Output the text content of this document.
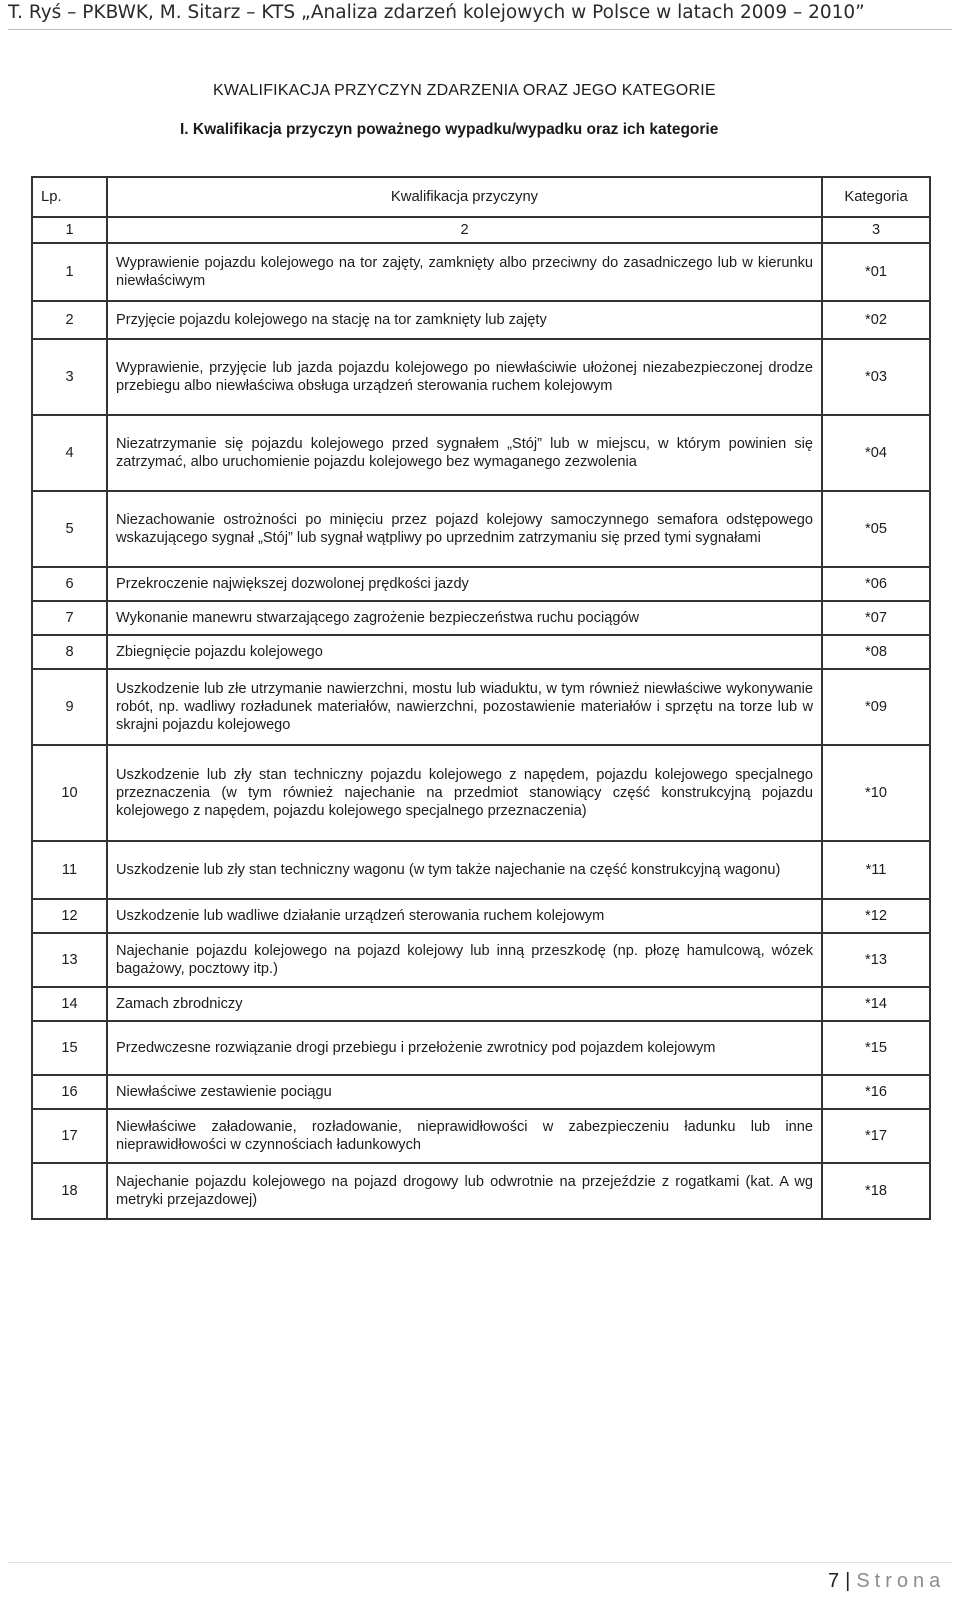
T. Ryś – PKBWK, M. Sitarz – KTS „Analiza zdarzeń kolejowych w Polsce w latach 2009 – 2010”
KWALIFIKACJA PRZYCZYN ZDARZENIA ORAZ JEGO KATEGORIE
I. Kwalifikacja przyczyn poważnego wypadku/wypadku oraz ich kategorie
Lp.	Kwalifikacja przyczyny	Kategoria
1	2	3
1	Wyprawienie pojazdu kolejowego na tor zajęty, zamknięty albo przeciwny do zasadniczego lub w kierunku niewłaściwym	*01
2	Przyjęcie pojazdu kolejowego na stację na tor zamknięty lub zajęty	*02
3	Wyprawienie, przyjęcie lub jazda pojazdu kolejowego po niewłaściwie ułożonej niezabezpieczonej drodze przebiegu albo niewłaściwa obsługa urządzeń sterowania ruchem kolejowym	*03
4	Niezatrzymanie się pojazdu kolejowego przed sygnałem „Stój” lub w miejscu, w którym powinien się zatrzymać, albo uruchomienie pojazdu kolejowego bez wymaganego zezwolenia	*04
5	Niezachowanie ostrożności po minięciu przez pojazd kolejowy samoczynnego semafora odstępowego wskazującego sygnał „Stój” lub sygnał wątpliwy po uprzednim zatrzymaniu się przed tymi sygnałami	*05
6	Przekroczenie największej dozwolonej prędkości jazdy	*06
7	Wykonanie manewru stwarzającego zagrożenie bezpieczeństwa ruchu pociągów	*07
8	Zbiegnięcie pojazdu kolejowego	*08
9	Uszkodzenie lub złe utrzymanie nawierzchni, mostu lub wiaduktu, w tym również niewłaściwe wykonywanie robót, np. wadliwy rozładunek materiałów, nawierzchni, pozostawienie materiałów i sprzętu na torze lub w skrajni pojazdu kolejowego	*09
10	Uszkodzenie lub zły stan techniczny pojazdu kolejowego z napędem, pojazdu kolejowego specjalnego przeznaczenia (w tym również najechanie na przedmiot stanowiący część konstrukcyjną pojazdu kolejowego z napędem, pojazdu kolejowego specjalnego przeznaczenia)	*10
11	Uszkodzenie lub zły stan techniczny wagonu (w tym także najechanie na część konstrukcyjną wagonu)	*11
12	Uszkodzenie lub wadliwe działanie urządzeń sterowania ruchem kolejowym	*12
13	Najechanie pojazdu kolejowego na pojazd kolejowy lub inną przeszkodę (np. płozę hamulcową, wózek bagażowy, pocztowy itp.)	*13
14	Zamach zbrodniczy	*14
15	Przedwczesne rozwiązanie drogi przebiegu i przełożenie zwrotnicy pod pojazdem kolejowym	*15
16	Niewłaściwe zestawienie pociągu	*16
17	Niewłaściwe załadowanie, rozładowanie, nieprawidłowości w zabezpieczeniu ładunku lub inne nieprawidłowości w czynnościach ładunkowych	*17
18	Najechanie pojazdu kolejowego na pojazd drogowy lub odwrotnie na przejeździe z rogatkami (kat. A wg metryki przejazdowej)	*18
7 | Strona
